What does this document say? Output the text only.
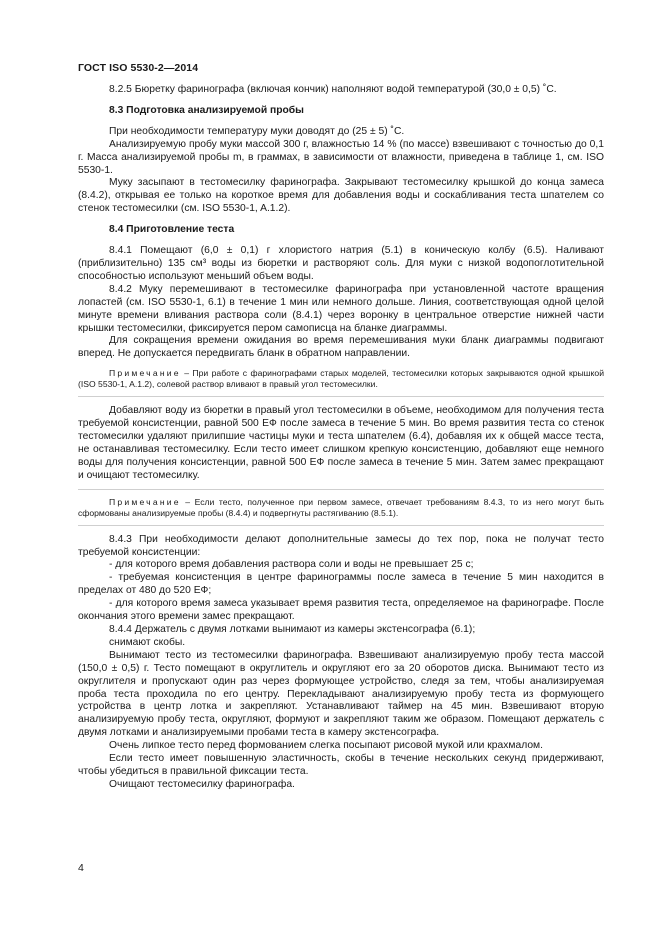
ГОСТ ISO 5530-2—2014

8.2.5 Бюретку фаринографа (включая кончик) наполняют водой температурой (30,0 ± 0,5) ˚C.

8.3 Подготовка анализируемой пробы

При необходимости температуру муки доводят до (25 ± 5) ˚C.

Анализируемую пробу муки массой 300 г, влажностью 14 % (по массе) взвешивают с точностью до 0,1 г. Масса анализируемой пробы m, в граммах, в зависимости от влажности, приведена в таблице 1, см. ISO 5530-1.

Муку засыпают в тестомесилку фаринографа. Закрывают тестомесилку крышкой до конца замеса (8.4.2), открывая ее только на короткое время для добавления воды и соскабливания теста шпателем со стенок тестомесилки (см. ISO 5530-1, A.1.2).

8.4 Приготовление теста

8.4.1 Помещают (6,0 ± 0,1) г хлористого натрия (5.1) в коническую колбу (6.5). Наливают (приблизительно) 135 см³ воды из бюретки и растворяют соль. Для муки с низкой водопоглотительной способностью используют меньший объем воды.

8.4.2 Муку перемешивают в тестомесилке фаринографа при установленной частоте вращения лопастей (см. ISO 5530-1, 6.1) в течение 1 мин или немного дольше. Линия, соответствующая одной целой минуте времени вливания раствора соли (8.4.1) через воронку в центральное отверстие нижней части крышки тестомесилки, фиксируется пером самописца на бланке диаграммы.

Для сокращения времени ожидания во время перемешивания муки бланк диаграммы подвигают вперед. Не допускается передвигать бланк в обратном направлении.

Примечание – При работе с фаринографами старых моделей, тестомесилки которых закрываются одной крышкой (ISO 5530-1, A.1.2), солевой раствор вливают в правый угол тестомесилки.

Добавляют воду из бюретки в правый угол тестомесилки в объеме, необходимом для получения теста требуемой консистенции, равной 500 ЕФ после замеса в течение 5 мин. Во время развития теста со стенок тестомесилки удаляют прилипшие частицы муки и теста шпателем (6.4), добавляя их к общей массе теста, не останавливая тестомесилку. Если тесто имеет слишком крепкую консистенцию, добавляют еще немного воды для получения консистенции, равной 500 ЕФ после замеса в течение 5 мин. Затем замес прекращают и очищают тестомесилку.

Примечание – Если тесто, полученное при первом замесе, отвечает требованиям 8.4.3, то из него могут быть сформованы анализируемые пробы (8.4.4) и подвергнуты растягиванию (8.5.1).

8.4.3 При необходимости делают дополнительные замесы до тех пор, пока не получат тесто требуемой консистенции:

- для которого время добавления раствора соли и воды не превышает 25 с;

- требуемая консистенция в центре фаринограммы после замеса в течение 5 мин находится в пределах от 480 до 520 ЕФ;

- для которого время замеса указывает время развития теста, определяемое на фаринографе. После окончания этого времени замес прекращают.

8.4.4 Держатель с двумя лотками вынимают из камеры экстенсографа (6.1);

снимают скобы.

Вынимают тесто из тестомесилки фаринографа. Взвешивают анализируемую пробу теста массой (150,0 ± 0,5) г. Тесто помещают в округлитель и округляют его за 20 оборотов диска. Вынимают тесто из округлителя и пропускают один раз через формующее устройство, следя за тем, чтобы анализируемая проба теста проходила по его центру. Перекладывают анализируемую пробу теста из формующего устройства в центр лотка и закрепляют. Устанавливают таймер на 45 мин. Взвешивают вторую анализируемую пробу теста, округляют, формуют и закрепляют таким же образом. Помещают держатель с двумя лотками и анализируемыми пробами теста в камеру экстенсографа.

Очень липкое тесто перед формованием слегка посыпают рисовой мукой или крахмалом.

Если тесто имеет повышенную эластичность, скобы в течение нескольких секунд придерживают, чтобы убедиться в правильной фиксации теста.

Очищают тестомесилку фаринографа.

4
